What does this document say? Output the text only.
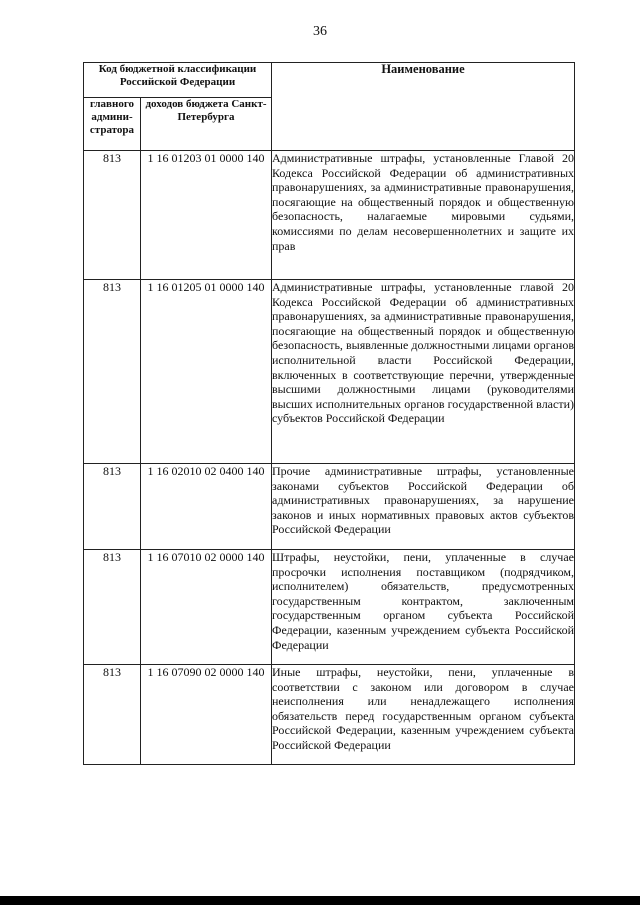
36
Код бюджетной классификации Российской Федерации		Наименование
главного админи-стратора	доходов бюджета Санкт-Петербурга	
813	1 16 01203 01 0000 140	Административные штрафы, установленные Главой 20 Кодекса Российской Федерации об административных правонарушениях, за административные правонарушения, посягающие на общественный порядок и общественную безопасность, налагаемые мировыми судьями, комиссиями по делам несовершеннолетних и защите их прав
813	1 16 01205 01 0000 140	Административные штрафы, установленные главой 20 Кодекса Российской Федерации об административных правонарушениях, за административные правонарушения, посягающие на общественный порядок и общественную безопасность, выявленные должностными лицами органов исполнительной власти Российской Федерации, включенных в соответствующие перечни, утвержденные высшими должностными лицами (руководителями высших исполнительных органов государственной власти) субъектов Российской Федерации
813	1 16 02010 02 0400 140	Прочие административные штрафы, установленные законами субъектов Российской Федерации об административных правонарушениях, за нарушение законов и иных нормативных правовых актов субъектов Российской Федерации
813	1 16 07010 02 0000 140	Штрафы, неустойки, пени, уплаченные в случае просрочки исполнения поставщиком (подрядчиком, исполнителем) обязательств, предусмотренных государственным контрактом, заключенным государственным органом субъекта Российской Федерации, казенным учреждением субъекта Российской Федерации
813	1 16 07090 02 0000 140	Иные штрафы, неустойки, пени, уплаченные в соответствии с законом или договором в случае неисполнения или ненадлежащего исполнения обязательств перед государственным органом субъекта Российской Федерации, казенным учреждением субъекта Российской Федерации
